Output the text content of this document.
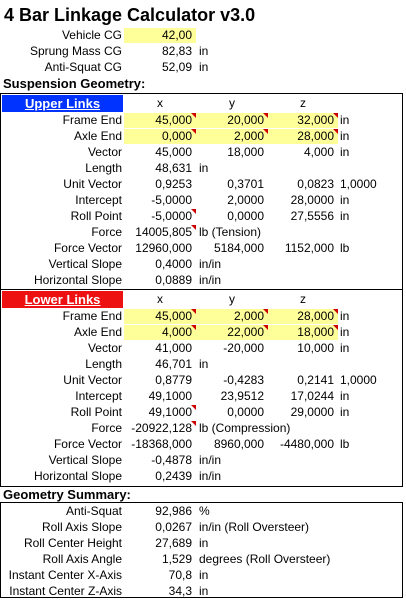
4 Bar Linkage Calculator v3.0
Vehicle CG	42,00
Sprung Mass CG	82,83 in
Anti-Squat CG	52,09 in
Suspension Geometry:
Upper Links	x	y	z
Frame End	45,000	20,000	32,000 in
Axle End	0,000	2,000	28,000 in
Vector	45,000	18,000	4,000 in
Length	48,631 in
Unit Vector	0,9253	0,3701	0,0823 1,0000
Intercept	-5,0000	2,0000	28,0000 in
Roll Point	-5,0000	0,0000	27,5556 in
Force	14005,805 lb (Tension)
Force Vector	12960,000	5184,000	1152,000 lb
Vertical Slope	0,4000 in/in
Horizontal Slope	0,0889 in/in
Lower Links	x	y	z
Frame End	45,000	2,000	28,000 in
Axle End	4,000	22,000	18,000 in
Vector	41,000	-20,000	10,000 in
Length	46,701 in
Unit Vector	0,8779	-0,4283	0,2141 1,0000
Intercept	49,1000	23,9512	17,0244 in
Roll Point	49,1000	0,0000	29,0000 in
Force -20922,128 lb (Compression)
Force Vector -18368,000	8960,000	-4480,000 lb
Vertical Slope	-0,4878 in/in
Horizontal Slope	0,2439 in/in
Geometry Summary:
Anti-Squat	92,986 %
Roll Axis Slope	0,0267 in/in (Roll Oversteer)
Roll Center Height	27,689 in
Roll Axis Angle	1,529 degrees (Roll Oversteer)
Instant Center X-Axis	70,8 in
Instant Center Z-Axis	34,3 in
